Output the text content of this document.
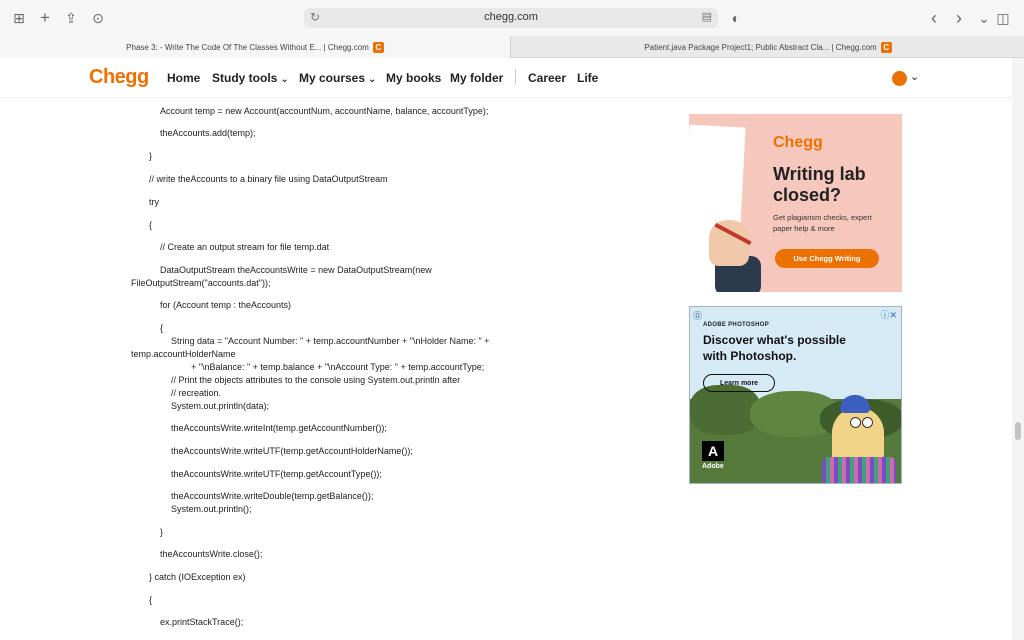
⊞ + ⇪ ⊙	↻	chegg.com	▤	◐	‹	›	⌄ ◫
Phase 3: - Write The Code Of The Classes Without E... | Chegg.com C	Patient.java Package Project1; Public Abstract Cla... | Chegg.com C
Chegg Home Study tools ⌄ My courses ⌄ My books My folder Career Life	⌄
Account temp = new Account(accountNum, accountName, balance, accountType);
theAccounts.add(temp);
}
// write theAccounts to a binary file using DataOutputStream
try
{
// Create an output stream for file temp.dat
DataOutputStream theAccountsWrite = new DataOutputStream(new
FileOutputStream("accounts.dat"));
for (Account temp : theAccounts)
{
String data = "Account Number: " + temp.accountNumber + "\nHolder Name: " +
temp.accountHolderName
+ "\nBalance: " + temp.balance + "\nAccount Type: " + temp.accountType;
// Print the objects attributes to the console using System.out.println after
// recreation.
System.out.println(data);
theAccountsWrite.writeInt(temp.getAccountNumber());
theAccountsWrite.writeUTF(temp.getAccountHolderName());
theAccountsWrite.writeUTF(temp.getAccountType());
theAccountsWrite.writeDouble(temp.getBalance());
System.out.println();
}
theAccountsWrite.close();
} catch (IOException ex)
{
ex.printStackTrace();
Chegg
Writing lab closed?
Get plagiarism checks, expert paper help & more
Use Chegg Writing
⓪	ⓘ✕
ADOBE PHOTOSHOP
Discover what's possible with Photoshop.
Learn more
A
Adobe
